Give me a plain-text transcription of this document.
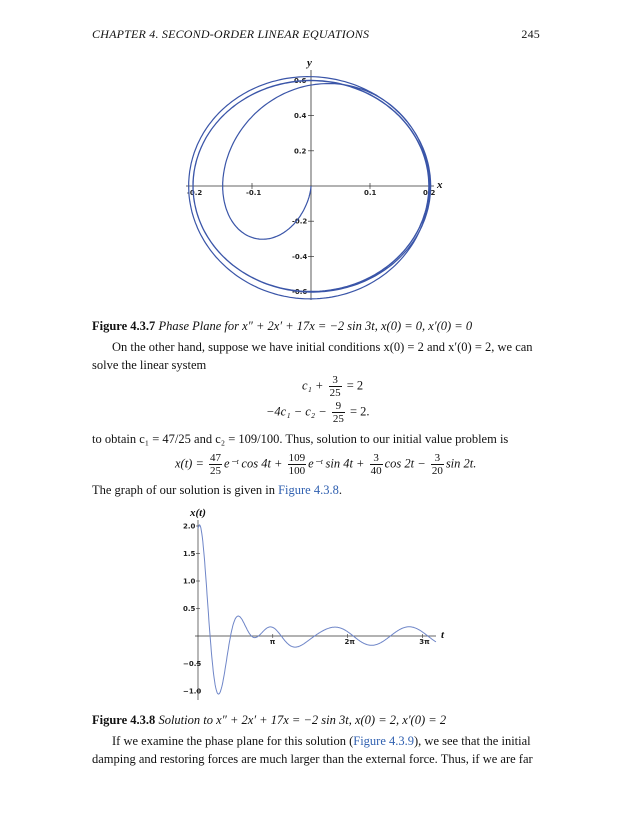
CHAPTER 4. SECOND-ORDER LINEAR EQUATIONS	245
x
y
-0.2	-0.1	0.1	0.2
0.6
0.4
0.2
-0.2
-0.4
-0.6
x(t)
t
2.0
1.5
1.0
0.5
−0.5
−1.0
π	2π	3π
Figure 4.3.7 Phase Plane for x″ + 2x′ + 17x = −2 sin 3t, x(0) = 0, x′(0) = 0
On the other hand, suppose we have initial conditions x(0) = 2 and x′(0) = 2, we can solve the linear system
$c_1 + \frac{3}{25} = 2$
$-4c_1 - c_2 - \frac{9}{25} = 2$.
to obtain c₁ = 47/25 and c₂ = 109/100. Thus, solution to our initial value problem is
$x(t) = \frac{47}{25}$ e⁻ᵗ $\cos 4t + \frac{109}{100}$ e⁻ᵗ $\sin 4t + \frac{3}{40}$ $\cos 2t - \frac{3}{20}$ sin 2t.
The graph of our solution is given in Figure 4.3.8.
Figure 4.3.8 Solution to x″ + 2x′ + 17x = −2 sin 3t, x(0) = 2, x′(0) = 2
If we examine the phase plane for this solution (Figure 4.3.9), we see that the initial damping and restoring forces are much larger than the external force. Thus, if we are far
